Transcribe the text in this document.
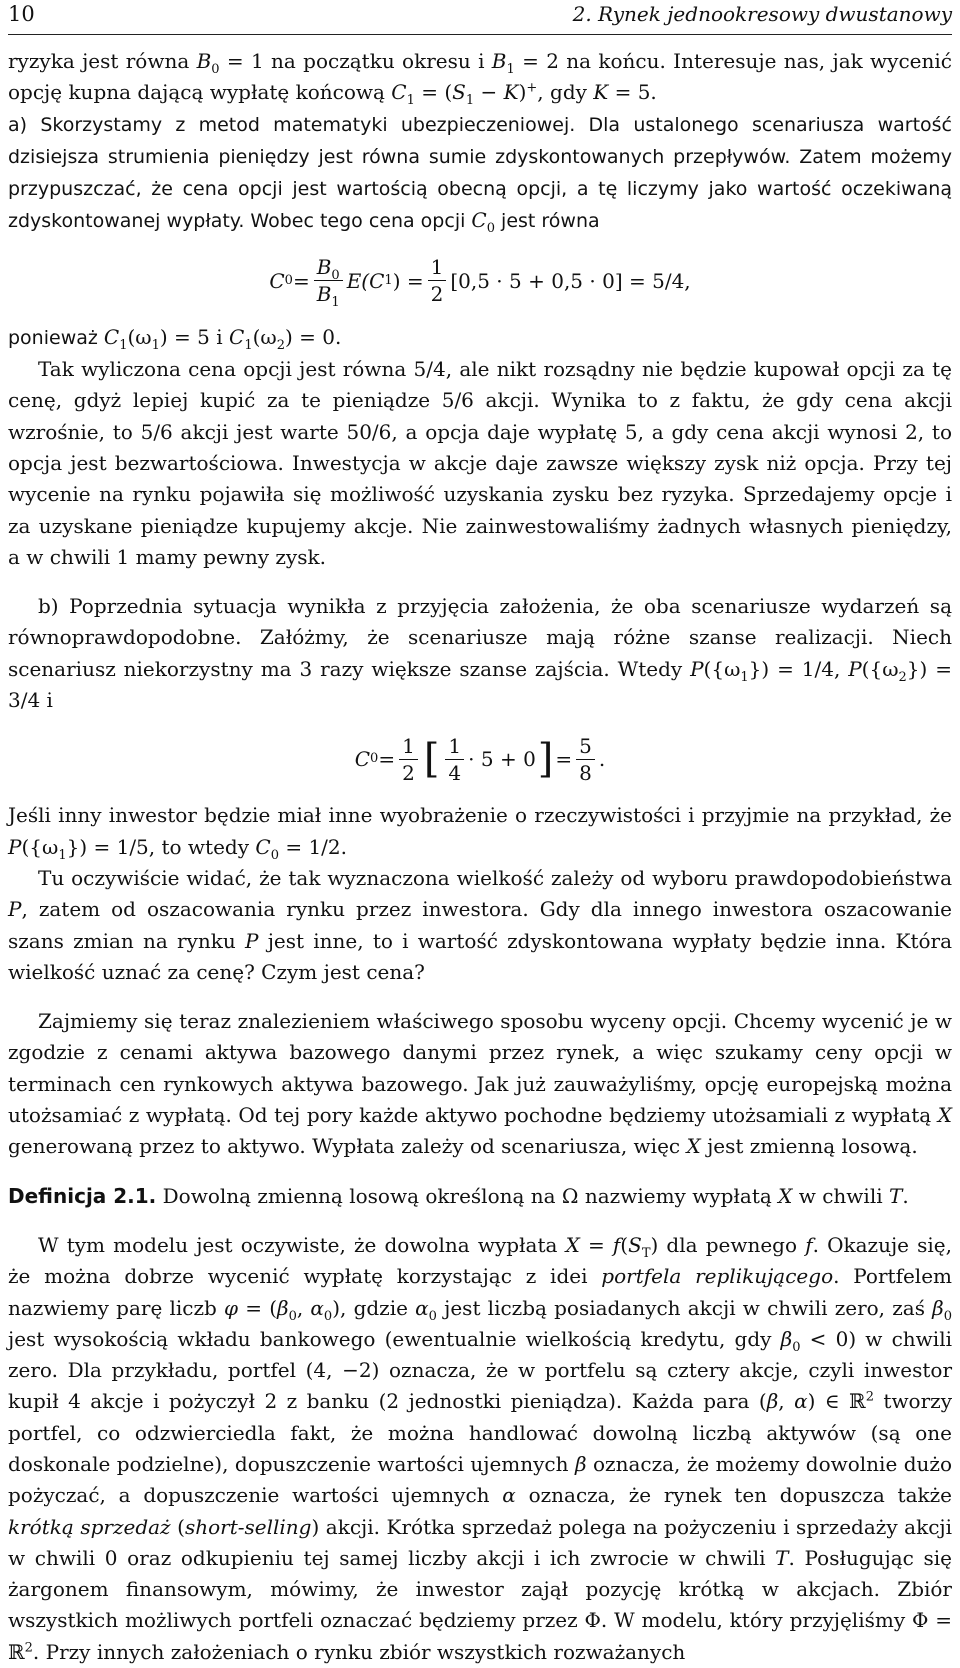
10	2. Rynek jednookresowy dwustanowy

ryzyka jest równa $B_0 = 1$ na początku okresu i $B_1 = 2$ na końcu. Interesuje nas, jak wycenić opcję kupna dającą wypłatę końcową $C_1 = (S_1 - K)^+$, gdy K = 5.

a) Skorzystamy z metod matematyki ubezpieczeniowej. Dla ustalonego scenariusza wartość dzisiejsza strumienia pieniędzy jest równa sumie zdyskontowanych przepływów. Zatem możemy przypuszczać, że cena opcji jest wartością obecną opcji, a tę liczymy jako wartość oczekiwaną zdyskontowanej wypłaty. Wobec tego cena opcji $C_0$ jest równa

C $0 = \frac{B_0}{B_1} E(C$ 1 ) = $\frac{1}{2} [0,5 \cdot 5 + 0,5 \cdot 0] = 5/4$,

ponieważ $C_1(\omega_1) = 5$ i $C_1(\omega_2) = 0$.

Tak wyliczona cena opcji jest równa 5/4, ale nikt rozsądny nie będzie kupował opcji za tę cenę, gdyż lepiej kupić za te pieniądze 5/6 akcji. Wynika to z faktu, że gdy cena akcji wzrośnie, to 5/6 akcji jest warte 50/6, a opcja daje wypłatę 5, a gdy cena akcji wynosi 2, to opcja jest bezwartościowa. Inwestycja w akcje daje zawsze większy zysk niż opcja. Przy tej wycenie na rynku pojawiła się możliwość uzyskania zysku bez ryzyka. Sprzedajemy opcje i za uzyskane pieniądze kupujemy akcje. Nie zainwestowaliśmy żadnych własnych pieniędzy, a w chwili 1 mamy pewny zysk.

b) Poprzednia sytuacja wynikła z przyjęcia założenia, że oba scenariusze wydarzeń są równoprawdopodobne. Załóżmy, że scenariusze mają różne szanse realizacji. Niech scenariusz niekorzystny ma 3 razy większe szanse zajścia. Wtedy $P(\{\omega_1\}) = 1/4$, $P(\{\omega_2\}) = 3/4$ i

C $0 = \frac{1}{2}$ [ $\frac{1}{4} \cdot 5 + 0$ ] = $\frac{5}{8}$ .

Jeśli inny inwestor będzie miał inne wyobrażenie o rzeczywistości i przyjmie na przykład, że $P(\{\omega_1\}) = 1/5$, to wtedy $C_0 = 1/2$.

Tu oczywiście widać, że tak wyznaczona wielkość zależy od wyboru prawdopodobieństwa P, zatem od oszacowania rynku przez inwestora. Gdy dla innego inwestora oszacowanie szans zmian na rynku P jest inne, to i wartość zdyskontowana wypłaty będzie inna. Która wielkość uznać za cenę? Czym jest cena?

Zajmiemy się teraz znalezieniem właściwego sposobu wyceny opcji. Chcemy wycenić je w zgodzie z cenami aktywa bazowego danymi przez rynek, a więc szukamy ceny opcji w terminach cen rynkowych aktywa bazowego. Jak już zauważyliśmy, opcję europejską można utożsamiać z wypłatą. Od tej pory każde aktywo pochodne będziemy utożsamiali z wypłatą X generowaną przez to aktywo. Wypłata zależy od scenariusza, więc X jest zmienną losową.

Definicja 2.1. Dowolną zmienną losową określoną na Ω nazwiemy wypłatą X w chwili T.

W tym modelu jest oczywiste, że dowolna wypłata $X = f(S_T)$ dla pewnego f. Okazuje się, że można dobrze wycenić wypłatę korzystając z idei portfela replikującego. Portfelem nazwiemy parę liczb $\varphi = (\beta_0$, $\alpha_0$), gdzie $\alpha_0$ jest liczbą posiadanych akcji w chwili zero, zaś $\beta_0$ jest wysokością wkładu bankowego (ewentualnie wielkością kredytu, gdy $\beta_0 < 0$) w chwili zero. Dla przykładu, portfel (4, −2) oznacza, że w portfelu są cztery akcje, czyli inwestor kupił 4 akcje i pożyczył 2 z banku (2 jednostki pieniądza). Każda para (β, α) ∈ ℝ$^2$ tworzy portfel, co odzwierciedla fakt, że można handlować dowolną liczbą aktywów (są one doskonale podzielne), dopuszczenie wartości ujemnych β oznacza, że możemy dowolnie dużo pożyczać, a dopuszczenie wartości ujemnych α oznacza, że rynek ten dopuszcza także krótką sprzedaż (short-selling) akcji. Krótka sprzedaż polega na pożyczeniu i sprzedaży akcji w chwili 0 oraz odkupieniu tej samej liczby akcji i ich zwrocie w chwili T. Posługując się żargonem finansowym, mówimy, że inwestor zajął pozycję krótką w akcjach. Zbiór wszystkich możliwych portfeli oznaczać będziemy przez Φ. W modelu, który przyjęliśmy Φ = ℝ$^2$. Przy innych założeniach o rynku zbiór wszystkich rozważanych
